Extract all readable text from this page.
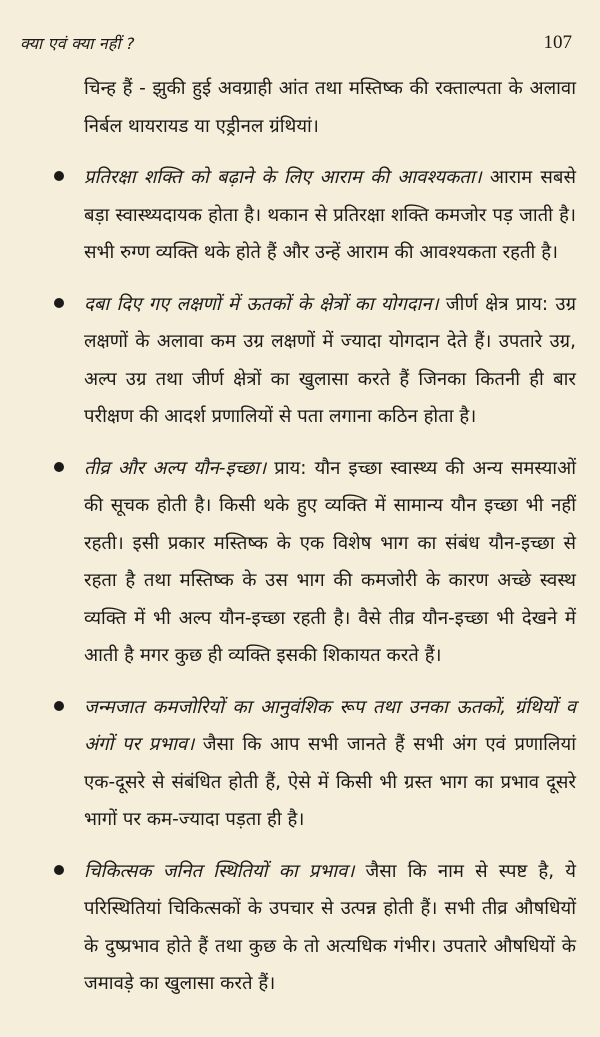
क्या एवं क्या नहीं ?	107

चिन्ह हैं - झुकी हुई अवग्राही आंत तथा मस्तिष्क की रक्ताल्पता के अलावा निर्बल थायरायड या एड्रीनल ग्रंथियां।

प्रतिरक्षा शक्ति को बढ़ाने के लिए आराम की आवश्यकता। आराम सबसे बड़ा स्वास्थ्यदायक होता है। थकान से प्रतिरक्षा शक्ति कमजोर पड़ जाती है। सभी रुग्ण व्यक्ति थके होते हैं और उन्हें आराम की आवश्यकता रहती है।
दबा दिए गए लक्षणों में ऊतकों के क्षेत्रों का योगदान। जीर्ण क्षेत्र प्राय: उग्र लक्षणों के अलावा कम उग्र लक्षणों में ज्यादा योगदान देते हैं। उपतारे उग्र, अल्प उग्र तथा जीर्ण क्षेत्रों का खुलासा करते हैं जिनका कितनी ही बार परीक्षण की आदर्श प्रणालियों से पता लगाना कठिन होता है।
तीव्र और अल्प यौन-इच्छा। प्राय: यौन इच्छा स्वास्थ्य की अन्य समस्याओं की सूचक होती है। किसी थके हुए व्यक्ति में सामान्य यौन इच्छा भी नहीं रहती। इसी प्रकार मस्तिष्क के एक विशेष भाग का संबंध यौन-इच्छा से रहता है तथा मस्तिष्क के उस भाग की कमजोरी के कारण अच्छे स्वस्थ व्यक्ति में भी अल्प यौन-इच्छा रहती है। वैसे तीव्र यौन-इच्छा भी देखने में आती है मगर कुछ ही व्यक्ति इसकी शिकायत करते हैं।
जन्मजात कमजोरियों का आनुवंशिक रूप तथा उनका ऊतकों, ग्रंथियों व अंगों पर प्रभाव। जैसा कि आप सभी जानते हैं सभी अंग एवं प्रणालियां एक-दूसरे से संबंधित होती हैं, ऐसे में किसी भी ग्रस्त भाग का प्रभाव दूसरे भागों पर कम-ज्यादा पड़ता ही है।
चिकित्सक जनित स्थितियों का प्रभाव। जैसा कि नाम से स्पष्ट है, ये परिस्थितियां चिकित्सकों के उपचार से उत्पन्न होती हैं। सभी तीव्र औषधियों के दुष्प्रभाव होते हैं तथा कुछ के तो अत्यधिक गंभीर। उपतारे औषधियों के जमावड़े का खुलासा करते हैं।
